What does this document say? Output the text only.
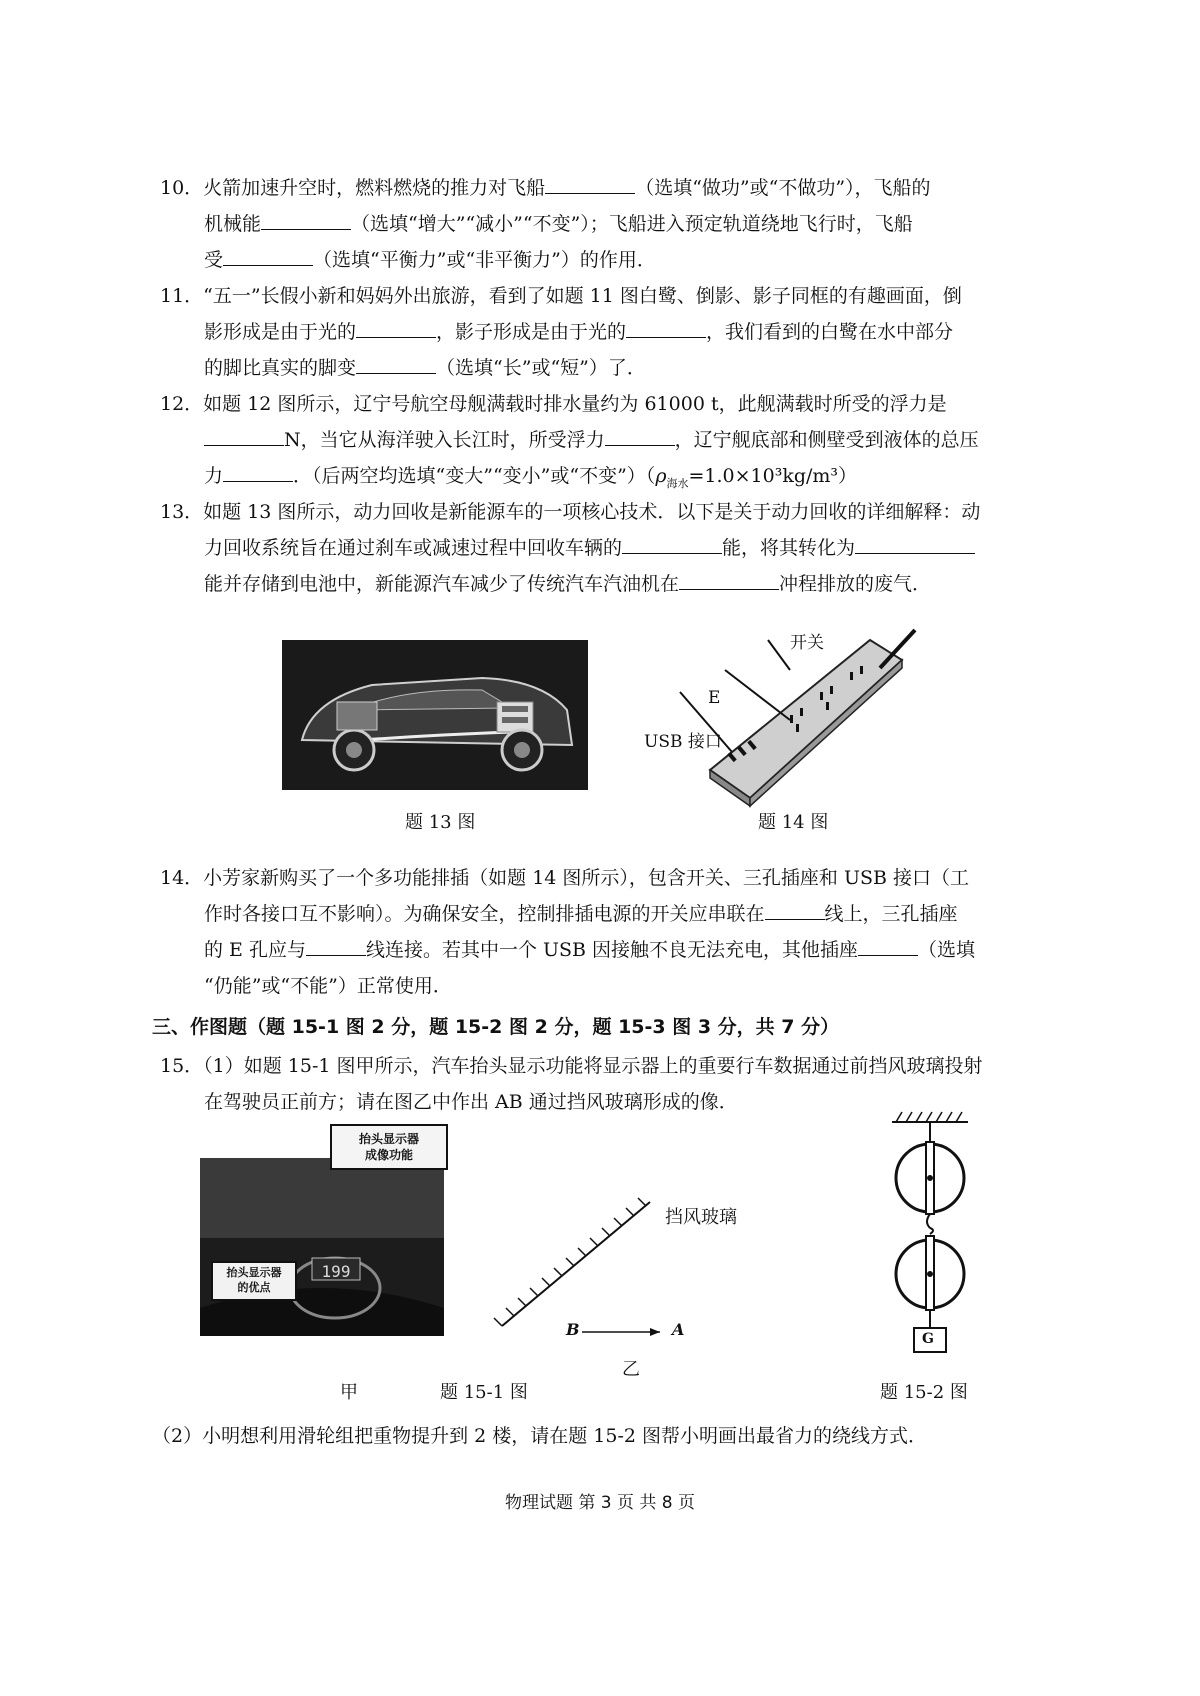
10．火箭加速升空时，燃料燃烧的推力对飞船	（选填“做功”或“不做功”），飞船的

机械能	（选填“增大”“减小”“不变”）；飞船进入预定轨道绕地飞行时，飞船

受	（选填“平衡力”或“非平衡力”）的作用．

11．“五一”长假小新和妈妈外出旅游，看到了如题 11 图白鹭、倒影、影子同框的有趣画面，倒

影形成是由于光的	，影子形成是由于光的	，我们看到的白鹭在水中部分

的脚比真实的脚变	（选填“长”或“短”）了．

12．如题 12 图所示，辽宁号航空母舰满载时排水量约为 61000 t，此舰满载时所受的浮力是

N，当它从海洋驶入长江时，所受浮力	，辽宁舰底部和侧壁受到液体的总压

力	．（后两空均选填“变大”“变小”或“不变$”)(\rho_{海水}=1.0\times 10^3kg/m^3)$

13．如题 13 图所示，动力回收是新能源车的一项核心技术．以下是关于动力回收的详细解释：动

力回收系统旨在通过刹车或减速过程中回收车辆的	能，将其转化为

能并存储到电池中，新能源汽车减少了传统汽车汽油机在	冲程排放的废气．

题 13 图
开关
E
USB 接口
题 14 图

14．小芳家新购买了一个多功能排插（如题 14 图所示），包含开关、三孔插座和 USB 接口（工

作时各接口互不影响）。为确保安全，控制排插电源的开关应串联在	线上，三孔插座

的 E 孔应与	线连接。若其中一个 USB 因接触不良无法充电，其他插座	（选填

“仍能”或“不能”）正常使用．

三、作图题（题 15-1 图 2 分，题 15-2 图 2 分，题 15-3 图 3 分，共 7 分）

15．（1）如题 15-1 图甲所示，汽车抬头显示功能将显示器上的重要行车数据通过前挡风玻璃投射

在驾驶员正前方；请在图乙中作出 AB 通过挡风玻璃形成的像．

抬头显示器
成像功能
抬头显示器
的优点
199
甲
挡风玻璃
B	A
乙
题 15-1 图
G
题 15-2 图

（2）小明想利用滑轮组把重物提升到 2 楼，请在题 15-2 图帮小明画出最省力的绕线方式．

物理试题 第 3 页 共 8 页
